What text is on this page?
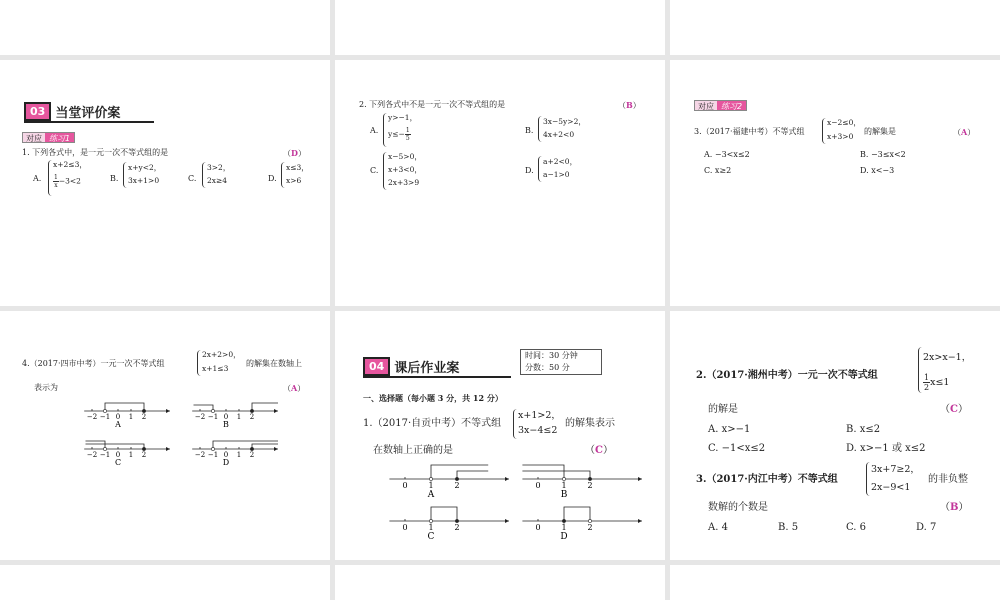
03 当堂评价案
对应 练习1
1. 下列各式中，是一元一次不等式组的是	（D）
A.
x+2≤3，
$\frac{1}{x} -3<2$	B.
x+y<2，
3x+1>0	C.
3>2，
2x≥4	D.
x≤3，
x>6
2. 下列各式中不是一元一次不等式组的是	（B）
A.
y>−1，
$y\le- \frac{1}{5}$	B.
3x−5y>2，
4x+2<0
C.
x−5>0，
x+3<0，
2x+3>9
D.
a+2<0，
a−1>0
对应 练习2
3.（2017·福建中考）不等式组
x−2≤0，
x+3>0
的解集是	（A）
A. −3<x≤2	B. −3≤x<2
C. x≥2	D. x<−3
4.（2017·四市中考）一元一次不等式组
2x+2>0，
x+1≤3
的解集在数轴上
表示为	（A）
−2 −1 0 1 2
A
−2 −1 0 1 2
B
−2 −1 0 1 2
C
−2 −1 0 1 2
D
04 课后作业案
时间：30 分钟
分数：50 分
一、选择题（每小题 3 分，共 12 分）
1.（2017·自贡中考）不等式组
x+1>2，
3x−4≤2
的解集表示
在数轴上正确的是	（C）
0	1	2
A
0	1	2
B
0	1	2
C
0	1	2
D
2.（2017·湘州中考）一元一次不等式组
2x>x−1，
$\frac{1}{2} x\le 1$
的解是	（C）
A. x>−1	B. x≤2
C. −1<x≤2	D. x>−1 或 x≤2
3.（2017·内江中考）不等式组
3x+7≥2，
2x−9<1
的非负整
数解的个数是	（B）
A. 4	B. 5	C. 6	D. 7
